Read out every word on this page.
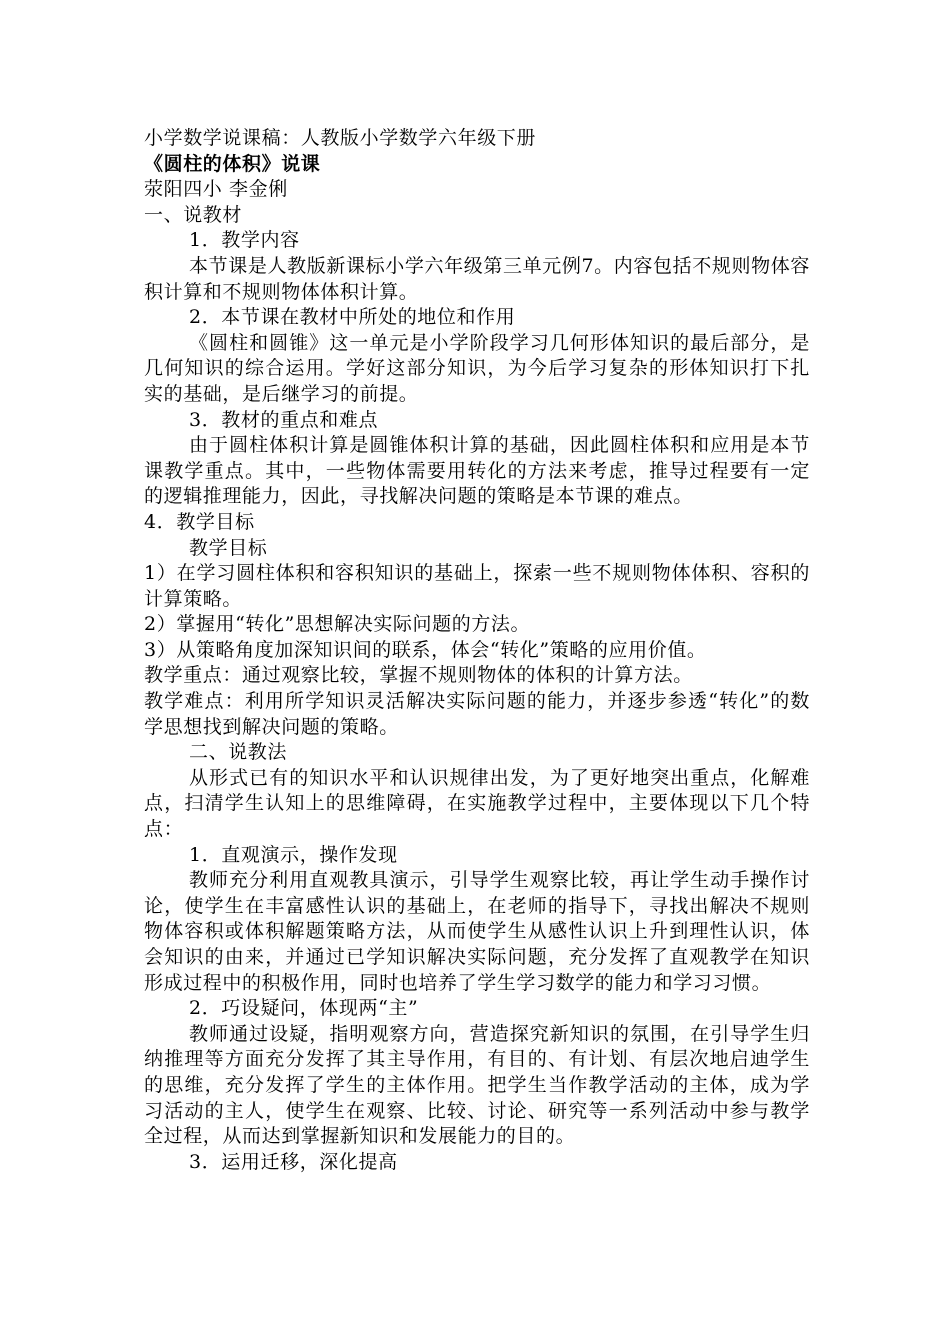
小学数学说课稿：人教版小学数学六年级下册

《圆柱的体积》说课

荥阳四小 李金俐

一、说教材

1．教学内容

本节课是人教版新课标小学六年级第三单元例7。内容包括不规则物体容积计算和不规则物体体积计算。

2．本节课在教材中所处的地位和作用

《圆柱和圆锥》这一单元是小学阶段学习几何形体知识的最后部分，是几何知识的综合运用。学好这部分知识，为今后学习复杂的形体知识打下扎实的基础，是后继学习的前提。

3．教材的重点和难点

由于圆柱体积计算是圆锥体积计算的基础，因此圆柱体积和应用是本节课教学重点。其中，一些物体需要用转化的方法来考虑，推导过程要有一定的逻辑推理能力，因此，寻找解决问题的策略是本节课的难点。

4．教学目标

教学目标

1）在学习圆柱体积和容积知识的基础上，探索一些不规则物体体积、容积的计算策略。

2）掌握用“转化”思想解决实际问题的方法。

3）从策略角度加深知识间的联系，体会“转化”策略的应用价值。

教学重点：通过观察比较，掌握不规则物体的体积的计算方法。

教学难点：利用所学知识灵活解决实际问题的能力，并逐步参透“转化”的数学思想找到解决问题的策略。

二、说教法

从形式已有的知识水平和认识规律出发，为了更好地突出重点，化解难点，扫清学生认知上的思维障碍，在实施教学过程中，主要体现以下几个特点：

1．直观演示，操作发现

教师充分利用直观教具演示，引导学生观察比较，再让学生动手操作讨论，使学生在丰富感性认识的基础上，在老师的指导下，寻找出解决不规则物体容积或体积解题策略方法，从而使学生从感性认识上升到理性认识，体会知识的由来，并通过已学知识解决实际问题，充分发挥了直观教学在知识形成过程中的积极作用，同时也培养了学生学习数学的能力和学习习惯。

2．巧设疑问，体现两“主”

教师通过设疑，指明观察方向，营造探究新知识的氛围，在引导学生归纳推理等方面充分发挥了其主导作用，有目的、有计划、有层次地启迪学生的思维，充分发挥了学生的主体作用。把学生当作教学活动的主体，成为学习活动的主人，使学生在观察、比较、讨论、研究等一系列活动中参与教学全过程，从而达到掌握新知识和发展能力的目的。

3．运用迁移，深化提高
